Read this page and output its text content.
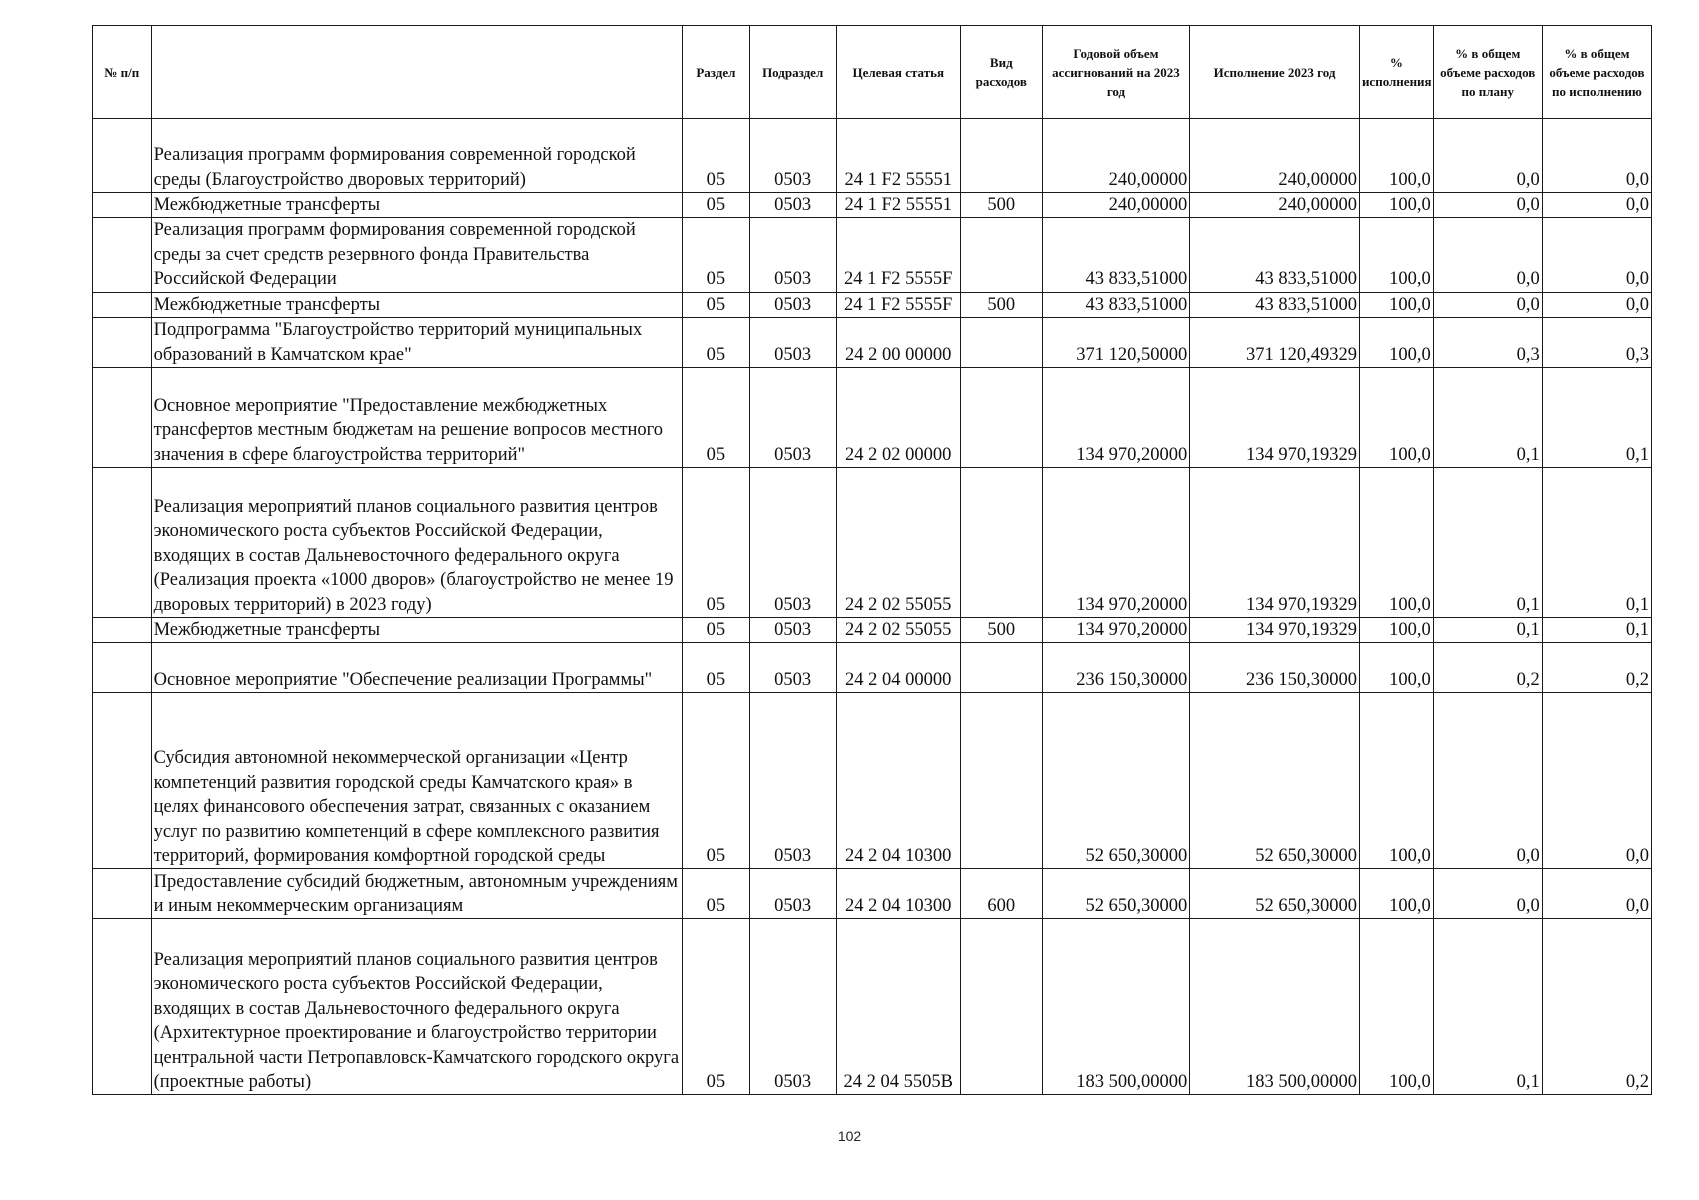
№ п/п		Раздел	Подраздел	Целевая статья	Вид расходов	Годовой объем ассигнований на 2023 год	Исполнение 2023 год	% исполнения	% в общем объеме расходов по плану	% в общем объеме расходов по исполнению
	Реализация программ формирования современной городской среды (Благоустройство дворовых территорий)	05	0503	24 1 F2 55551		240,00000	240,00000	100,0	0,0	0,0
	Межбюджетные трансферты	05	0503	24 1 F2 55551	500	240,00000	240,00000	100,0	0,0	0,0
	Реализация программ формирования современной городской среды за счет средств резервного фонда Правительства Российской Федерации	05	0503	24 1 F2 5555F		43 833,51000	43 833,51000	100,0	0,0	0,0
	Межбюджетные трансферты	05	0503	24 1 F2 5555F	500	43 833,51000	43 833,51000	100,0	0,0	0,0
	Подпрограмма "Благоустройство территорий муниципальных образований в Камчатском крае"	05	0503	24 2 00 00000		371 120,50000	371 120,49329	100,0	0,3	0,3
	Основное мероприятие "Предоставление межбюджетных трансфертов местным бюджетам на решение вопросов местного значения в сфере благоустройства территорий"	05	0503	24 2 02 00000		134 970,20000	134 970,19329	100,0	0,1	0,1
	Реализация мероприятий планов социального развития центров экономического роста субъектов Российской Федерации, входящих в состав Дальневосточного федерального округа (Реализация проекта «1000 дворов» (благоустройство не менее 19 дворовых территорий) в 2023 году)	05	0503	24 2 02 55055		134 970,20000	134 970,19329	100,0	0,1	0,1
	Межбюджетные трансферты	05	0503	24 2 02 55055	500	134 970,20000	134 970,19329	100,0	0,1	0,1
	Основное мероприятие "Обеспечение реализации Программы"	05	0503	24 2 04 00000		236 150,30000	236 150,30000	100,0	0,2	0,2
	Субсидия автономной некоммерческой организации «Центр компетенций развития городской среды Камчатского края» в целях финансового обеспечения затрат, связанных с оказанием услуг по развитию компетенций в сфере комплексного развития территорий, формирования комфортной городской среды	05	0503	24 2 04 10300		52 650,30000	52 650,30000	100,0	0,0	0,0
	Предоставление субсидий бюджетным, автономным учреждениям и иным некоммерческим организациям	05	0503	24 2 04 10300	600	52 650,30000	52 650,30000	100,0	0,0	0,0
	Реализация мероприятий планов социального развития центров экономического роста субъектов Российской Федерации, входящих в состав Дальневосточного федерального округа (Архитектурное проектирование и благоустройство территории центральной части Петропавловск-Камчатского городского округа (проектные работы)	05	0503	24 2 04 5505В		183 500,00000	183 500,00000	100,0	0,1	0,2
102
